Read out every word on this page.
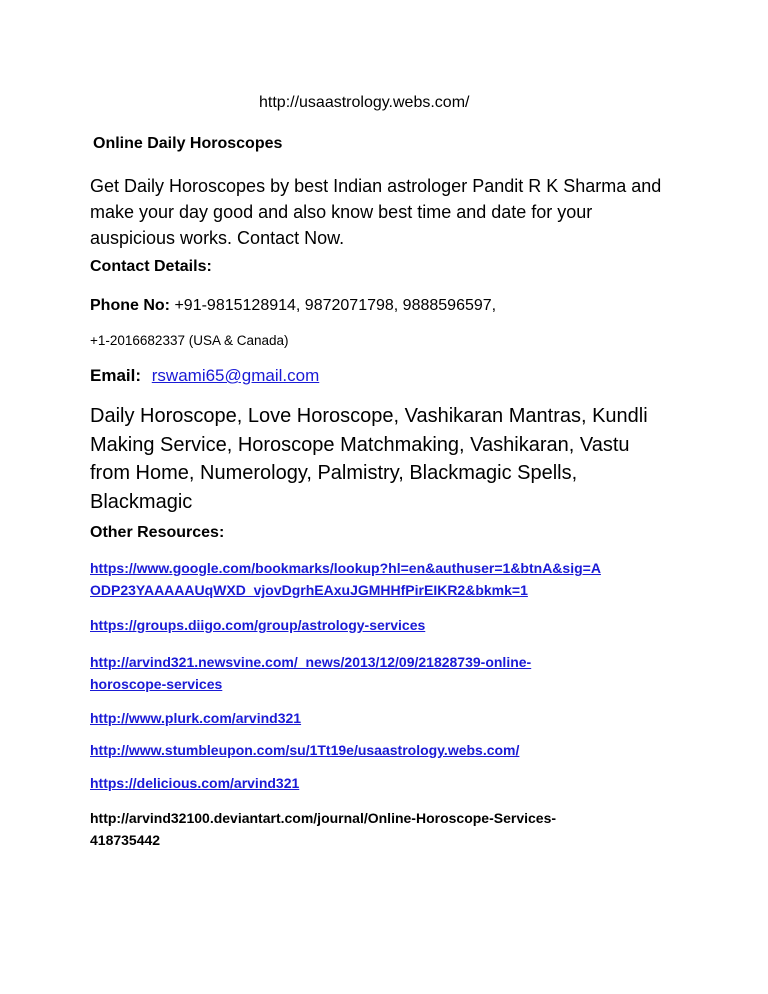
http://usaastrology.webs.com/
Online Daily Horoscopes
Get Daily Horoscopes by best Indian astrologer Pandit R K Sharma and
make your day good and also know best time and date for your
auspicious works. Contact Now.
Contact Details:
Phone No: +91-9815128914, 9872071798, 9888596597,
+1-2016682337 (USA & Canada)
Email: rswami65@gmail.com
Daily Horoscope, Love Horoscope, Vashikaran Mantras, Kundli
Making Service, Horoscope Matchmaking, Vashikaran, Vastu
from Home, Numerology, Palmistry, Blackmagic Spells,
Blackmagic
Other Resources:
https://www.google.com/bookmarks/lookup?hl=en&authuser=1&btnA&sig=A
ODP23YAAAAAUqWXD_vjovDgrhEAxuJGMHHfPirEIKR2&bkmk=1
https://groups.diigo.com/group/astrology-services
http://arvind321.newsvine.com/_news/2013/12/09/21828739-online-
horoscope-services
http://www.plurk.com/arvind321
http://www.stumbleupon.com/su/1Tt19e/usaastrology.webs.com/
https://delicious.com/arvind321
http://arvind32100.deviantart.com/journal/Online-Horoscope-Services-
418735442
